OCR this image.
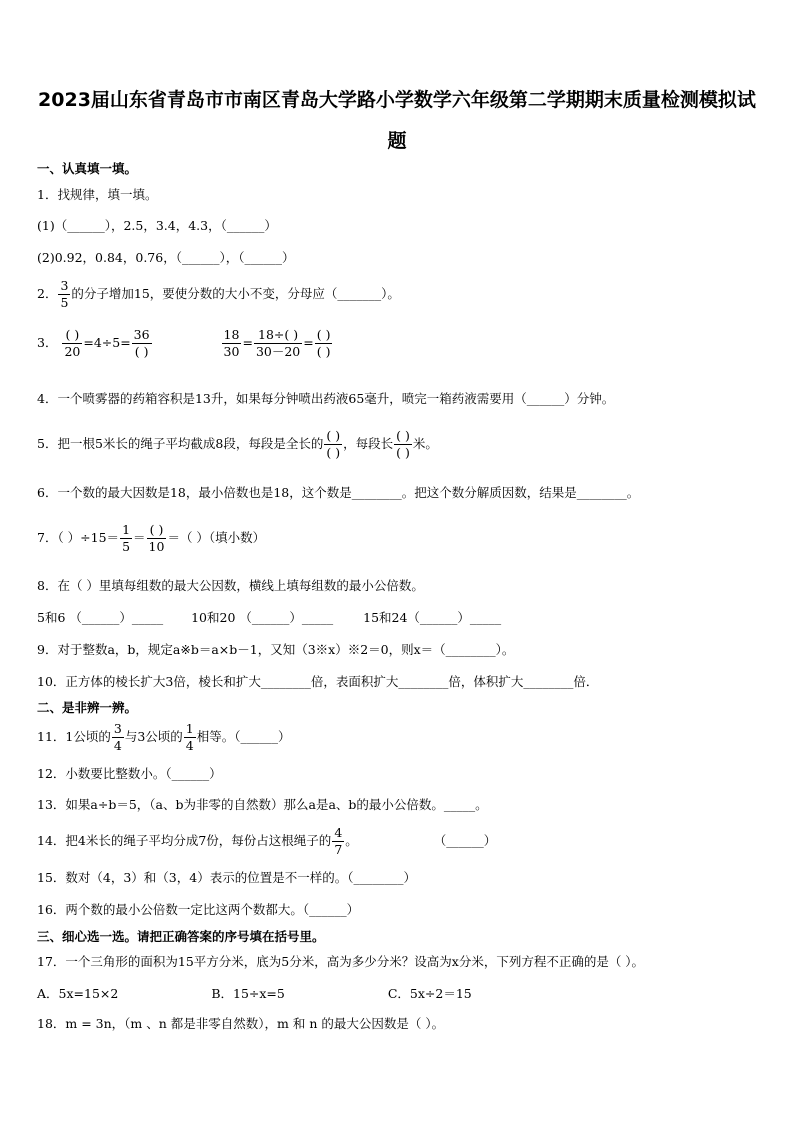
2023届山东省青岛市市南区青岛大学路小学数学六年级第二学期期末质量检测模拟试
题
一、认真填一填。
1．找规律，填一填。
(1)（______），2.5，3.4，4.3，（______）
(2)0.92，0.84，0.76，（______），（______）
2． $\frac{3}{5}$ 的分子增加15，要使分数的大小不变，分母应（_______）。
3． $\frac{( )}{20} =4\div 5= \frac{36}{( )}$
	$\frac{18}{30} = \frac{18\div( )}{30-20} = \frac{( )}{( )}$
4．一个喷雾器的药箱容积是13升，如果每分钟喷出药液65毫升，喷完一箱药液需要用（______）分钟。
5．把一根5米长的绳子平均截成8段，每段是全长的 $\frac{( )}{( )}$ ，每段长 $\frac{( )}{( )}$ 米。
6．一个数的最大因数是18，最小倍数也是18，这个数是________。把这个数分解质因数，结果是________。
7．（ ）$\div 15= \frac{1}{5} = \frac{( )}{10}$ ＝（ ）（填小数）
8．在（ ）里填每组数的最大公因数，横线上填每组数的最小公倍数。
5和6 （______）_____ 10和20 （______）_____ 15和24（______）_____
9．对于整数a，b，规定a※b＝a×b－1，又知（3※x）※2＝0，则x＝（________）。
10．正方体的棱长扩大3倍，棱长和扩大________倍，表面积扩大________倍，体积扩大________倍．
二、是非辨一辨。
11．1公顷的 $\frac{3}{4}$ 与3公顷的 $\frac{1}{4}$ 相等。（______）
12．小数要比整数小。（______）
13．如果a÷b＝5，（a、b为非零的自然数）那么a是a、b的最小公倍数。_____。
14．把4米长的绳子平均分成7份，每份占这根绳子的 $\frac{4}{7}$ 。	（______）
15．数对（4，3）和（3，4）表示的位置是不一样的。（________）
16．两个数的最小公倍数一定比这两个数都大。（______）
三、细心选一选。请把正确答案的序号填在括号里。
17．一个三角形的面积为15平方分米，底为5分米，高为多少分米？设高为x分米，下列方程不正确的是（ ）。
A．5x=15×2	B．15÷x=5	C．5x÷2＝15
18．m = 3n，（m 、n 都是非零自然数），m 和 n 的最大公因数是（ ）。
